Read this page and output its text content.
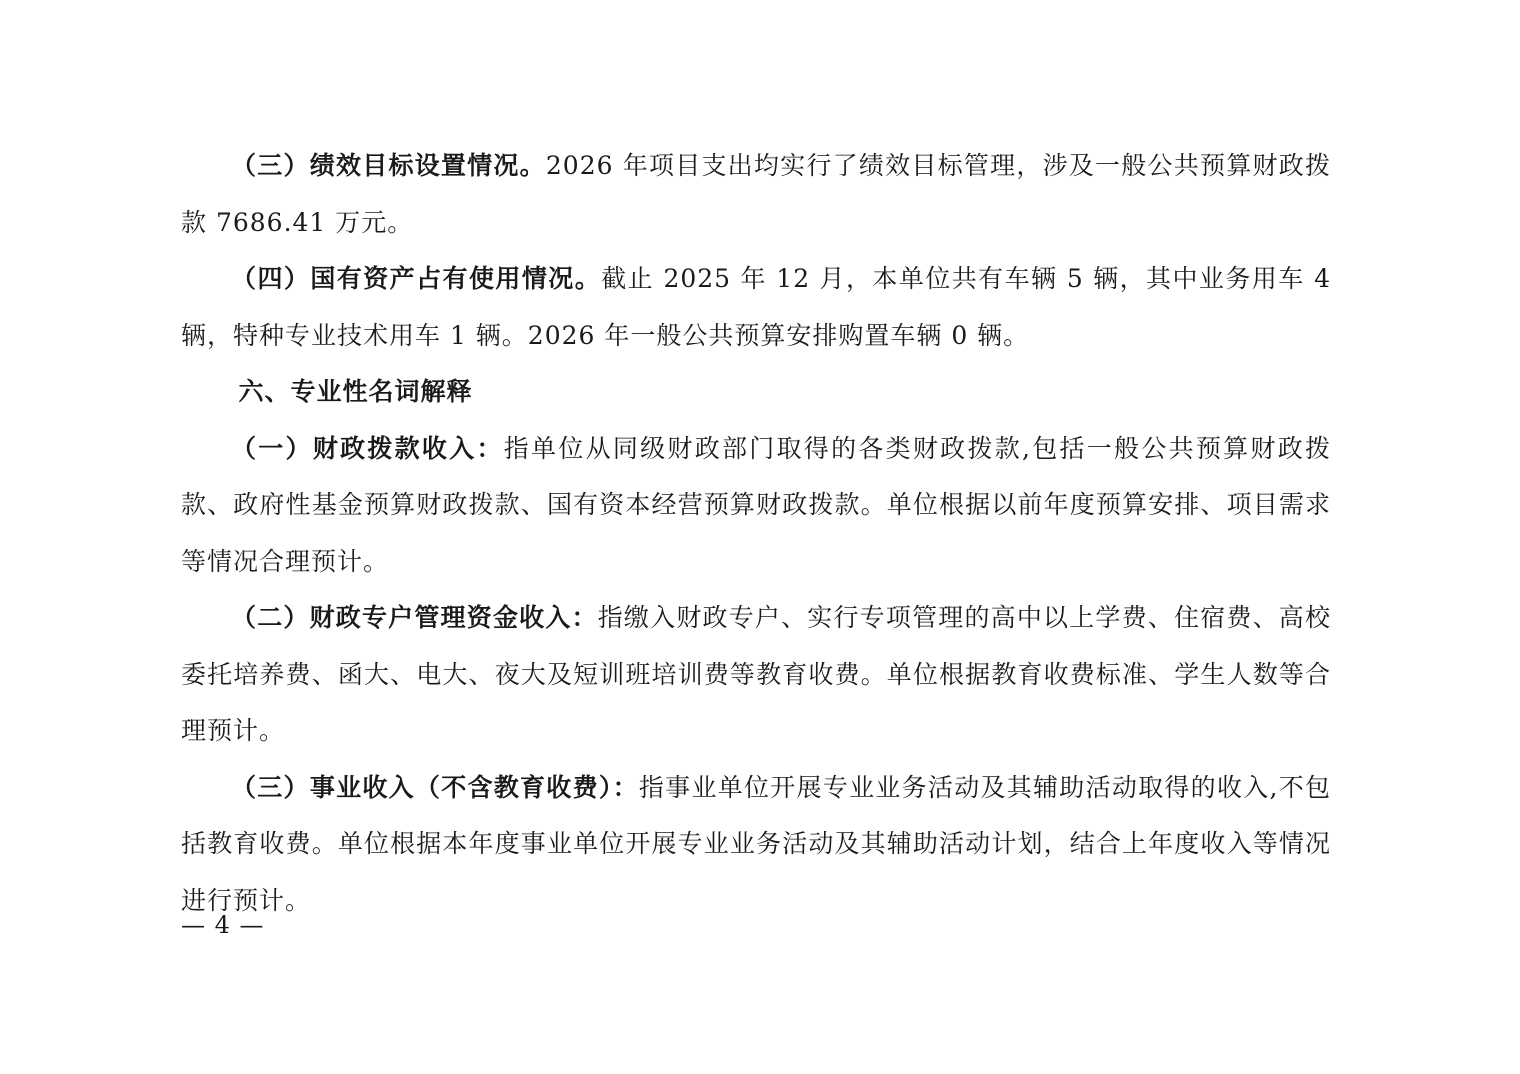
（三）绩效目标设置情况。2026 年项目支出均实行了绩效目标管理，涉及一般公共预算财政拨款 7686.41 万元。

（四）国有资产占有使用情况。截止 2025 年 12 月，本单位共有车辆 5 辆，其中业务用车 4 辆，特种专业技术用车 1 辆。2026 年一般公共预算安排购置车辆 0 辆。

六、专业性名词解释

（一）财政拨款收入：指单位从同级财政部门取得的各类财政拨款,包括一般公共预算财政拨款、政府性基金预算财政拨款、国有资本经营预算财政拨款。单位根据以前年度预算安排、项目需求等情况合理预计。

（二）财政专户管理资金收入：指缴入财政专户、实行专项管理的高中以上学费、住宿费、高校委托培养费、函大、电大、夜大及短训班培训费等教育收费。单位根据教育收费标准、学生人数等合理预计。

（三）事业收入（不含教育收费）：指事业单位开展专业业务活动及其辅助活动取得的收入,不包括教育收费。单位根据本年度事业单位开展专业业务活动及其辅助活动计划，结合上年度收入等情况进行预计。

— 4 —
